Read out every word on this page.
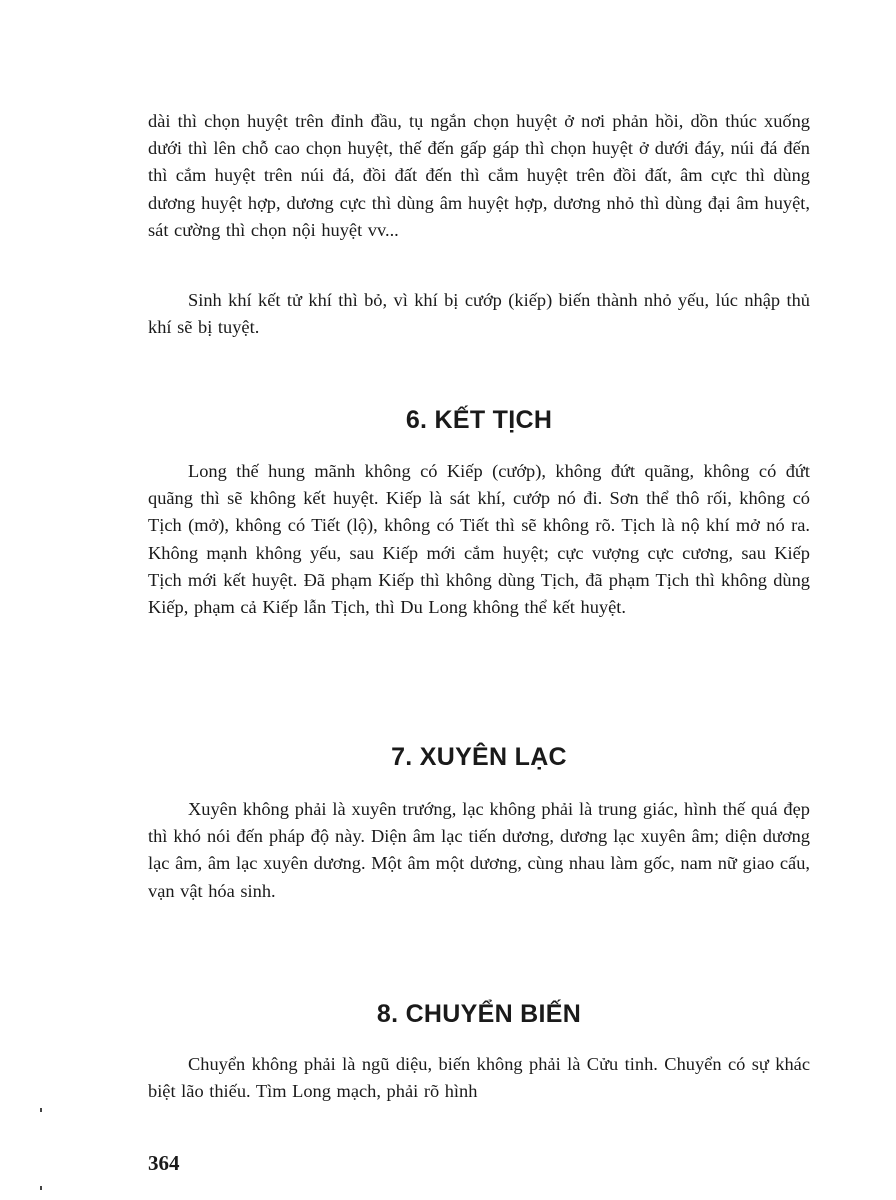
dài thì chọn huyệt trên đỉnh đầu, tụ ngắn chọn huyệt ở nơi phản hồi, dồn thúc xuống dưới thì lên chỗ cao chọn huyệt, thế đến gấp gáp thì chọn huyệt ở dưới đáy, núi đá đến thì cắm huyệt trên núi đá, đồi đất đến thì cắm huyệt trên đồi đất, âm cực thì dùng dương huyệt hợp, dương cực thì dùng âm huyệt hợp, dương nhỏ thì dùng đại âm huyệt, sát cường thì chọn nội huyệt vv...

Sinh khí kết tử khí thì bỏ, vì khí bị cướp (kiếp) biến thành nhỏ yếu, lúc nhập thủ khí sẽ bị tuyệt.

6. KẾT TỊCH

Long thế hung mãnh không có Kiếp (cướp), không đứt quãng, không có đứt quãng thì sẽ không kết huyệt. Kiếp là sát khí, cướp nó đi. Sơn thể thô rối, không có Tịch (mở), không có Tiết (lộ), không có Tiết thì sẽ không rõ. Tịch là nộ khí mở nó ra. Không mạnh không yếu, sau Kiếp mới cắm huyệt; cực vượng cực cương, sau Kiếp Tịch mới kết huyệt. Đã phạm Kiếp thì không dùng Tịch, đã phạm Tịch thì không dùng Kiếp, phạm cả Kiếp lẫn Tịch, thì Du Long không thể kết huyệt.

7. XUYÊN LẠC

Xuyên không phải là xuyên trướng, lạc không phải là trung giác, hình thế quá đẹp thì khó nói đến pháp độ này. Diện âm lạc tiến dương, dương lạc xuyên âm; diện dương lạc âm, âm lạc xuyên dương. Một âm một dương, cùng nhau làm gốc, nam nữ giao cấu, vạn vật hóa sinh.

8. CHUYỂN BIẾN

Chuyển không phải là ngũ diệu, biến không phải là Cửu tinh. Chuyển có sự khác biệt lão thiếu. Tìm Long mạch, phải rõ hình

364
